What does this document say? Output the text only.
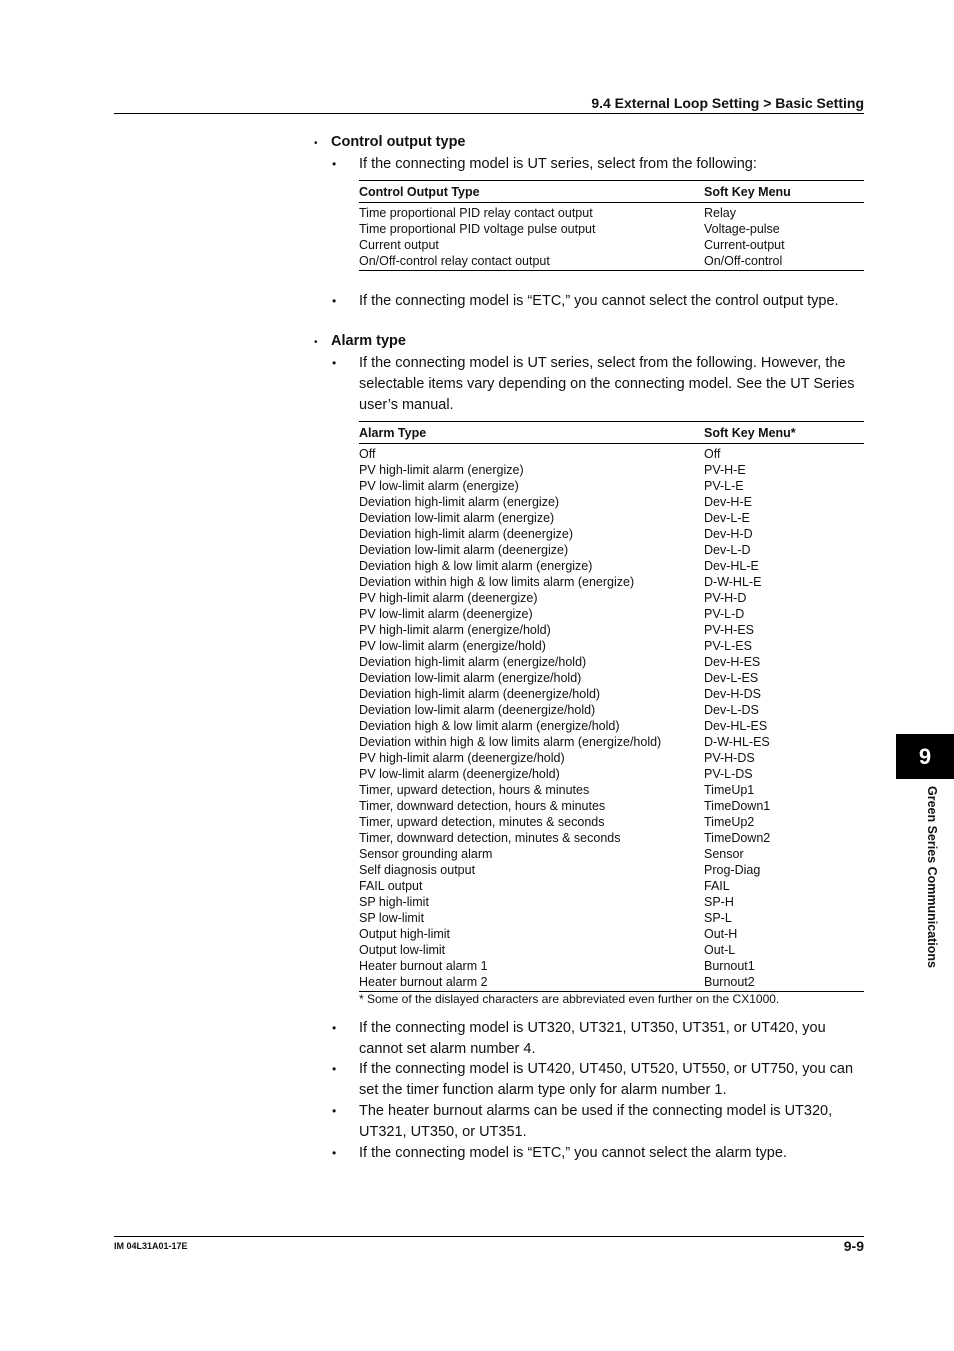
9.4 External Loop Setting > Basic Setting
• Control output type
• If the connecting model is UT series, select from the following:
Control Output Type	Soft Key Menu
Time proportional PID relay contact output	Relay
Time proportional PID voltage pulse output	Voltage-pulse
Current output	Current-output
On/Off-control relay contact output	On/Off-control
• If the connecting model is “ETC,” you cannot select the control output type.
• Alarm type
• If the connecting model is UT series, select from the following. However, the selectable items vary depending on the connecting model. See the UT Series user’s manual.
Alarm Type	Soft Key Menu*
Off	Off
PV high-limit alarm (energize)	PV-H-E
PV low-limit alarm (energize)	PV-L-E
Deviation high-limit alarm (energize)	Dev-H-E
Deviation low-limit alarm (energize)	Dev-L-E
Deviation high-limit alarm (deenergize)	Dev-H-D
Deviation low-limit alarm (deenergize)	Dev-L-D
Deviation high & low limit alarm (energize)	Dev-HL-E
Deviation within high & low limits alarm (energize)	D-W-HL-E
PV high-limit alarm (deenergize)	PV-H-D
PV low-limit alarm (deenergize)	PV-L-D
PV high-limit alarm (energize/hold)	PV-H-ES
PV low-limit alarm (energize/hold)	PV-L-ES
Deviation high-limit alarm (energize/hold)	Dev-H-ES
Deviation low-limit alarm (energize/hold)	Dev-L-ES
Deviation high-limit alarm (deenergize/hold)	Dev-H-DS
Deviation low-limit alarm (deenergize/hold)	Dev-L-DS
Deviation high & low limit alarm (energize/hold)	Dev-HL-ES
Deviation within high & low limits alarm (energize/hold)	D-W-HL-ES
PV high-limit alarm (deenergize/hold)	PV-H-DS
PV low-limit alarm (deenergize/hold)	PV-L-DS
Timer, upward detection, hours & minutes	TimeUp1
Timer, downward detection, hours & minutes	TimeDown1
Timer, upward detection, minutes & seconds	TimeUp2
Timer, downward detection, minutes & seconds	TimeDown2
Sensor grounding alarm	Sensor
Self diagnosis output	Prog-Diag
FAIL output	FAIL
SP high-limit	SP-H
SP low-limit	SP-L
Output high-limit	Out-H
Output low-limit	Out-L
Heater burnout alarm 1	Burnout1
Heater burnout alarm 2	Burnout2
* Some of the dislayed characters are abbreviated even further on the CX1000.
• If the connecting model is UT320, UT321, UT350, UT351, or UT420, you cannot set alarm number 4.
• If the connecting model is UT420, UT450, UT520, UT550, or UT750, you can set the timer function alarm type only for alarm number 1.
• The heater burnout alarms can be used if the connecting model is UT320, UT321, UT350, or UT351.
• If the connecting model is “ETC,” you cannot select the alarm type.
9
Green Series Communications
IM 04L31A01-17E	9-9
